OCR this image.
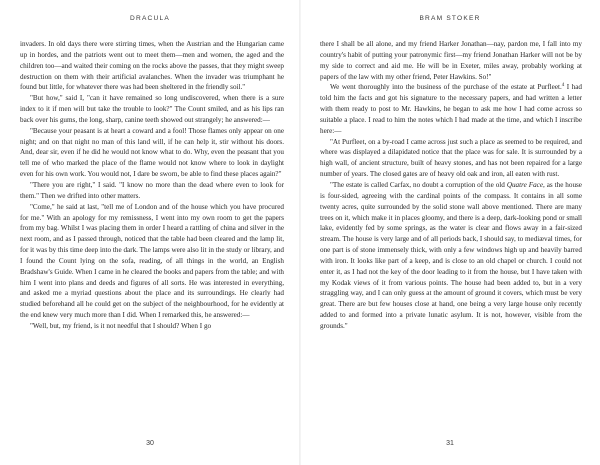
DRACULA

invaders. In old days there were stirring times, when the Austrian and the Hungarian came up in hordes, and the patriots went out to meet them—men and women, the aged and the children too—and waited their coming on the rocks above the passes, that they might sweep destruction on them with their artificial avalanches. When the invader was triumphant he found but little, for whatever there was had been sheltered in the friendly soil."

"But how," said I, "can it have remained so long undiscovered, when there is a sure index to it if men will but take the trouble to look?" The Count smiled, and as his lips ran back over his gums, the long, sharp, canine teeth showed out strangely; he answered:—

"Because your peasant is at heart a coward and a fool! Those flames only appear on one night; and on that night no man of this land will, if he can help it, stir without his doors. And, dear sir, even if he did he would not know what to do. Why, even the peasant that you tell me of who marked the place of the flame would not know where to look in daylight even for his own work. You would not, I dare be sworn, be able to find these places again?"

"There you are right," I said. "I know no more than the dead where even to look for them." Then we drifted into other matters.

"Come," he said at last, "tell me of London and of the house which you have procured for me." With an apology for my remissness, I went into my own room to get the papers from my bag. Whilst I was placing them in order I heard a rattling of china and silver in the next room, and as I passed through, noticed that the table had been cleared and the lamp lit, for it was by this time deep into the dark. The lamps were also lit in the study or library, and I found the Count lying on the sofa, reading, of all things in the world, an English Bradshaw's Guide. When I came in he cleared the books and papers from the table; and with him I went into plans and deeds and figures of all sorts. He was interested in everything, and asked me a myriad questions about the place and its surroundings. He clearly had studied beforehand all he could get on the subject of the neighbourhood, for he evidently at the end knew very much more than I did. When I remarked this, he answered:—

"Well, but, my friend, is it not needful that I should? When I go

30
BRAM STOKER

there I shall be all alone, and my friend Harker Jonathan—nay, pardon me, I fall into my country's habit of putting your patronymic first—my friend Jonathan Harker will not be by my side to correct and aid me. He will be in Exeter, miles away, probably working at papers of the law with my other friend, Peter Hawkins. So!"

We went thoroughly into the business of the purchase of the estate at Purfleet.$^4$ I had told him the facts and got his signature to the necessary papers, and had written a letter with them ready to post to Mr. Hawkins, he began to ask me how I had come across so suitable a place. I read to him the notes which I had made at the time, and which I inscribe here:—

"At Purfleet, on a by-road I came across just such a place as seemed to be required, and where was displayed a dilapidated notice that the place was for sale. It is surrounded by a high wall, of ancient structure, built of heavy stones, and has not been repaired for a large number of years. The closed gates are of heavy old oak and iron, all eaten with rust.

"The estate is called Carfax, no doubt a corruption of the old Quatre Face, as the house is four-sided, agreeing with the cardinal points of the compass. It contains in all some twenty acres, quite surrounded by the solid stone wall above mentioned. There are many trees on it, which make it in places gloomy, and there is a deep, dark-looking pond or small lake, evidently fed by some springs, as the water is clear and flows away in a fair-sized stream. The house is very large and of all periods back, I should say, to mediæval times, for one part is of stone immensely thick, with only a few windows high up and heavily barred with iron. It looks like part of a keep, and is close to an old chapel or church. I could not enter it, as I had not the key of the door leading to it from the house, but I have taken with my Kodak views of it from various points. The house had been added to, but in a very straggling way, and I can only guess at the amount of ground it covers, which must be very great. There are but few houses close at hand, one being a very large house only recently added to and formed into a private lunatic asylum. It is not, however, visible from the grounds."

31
